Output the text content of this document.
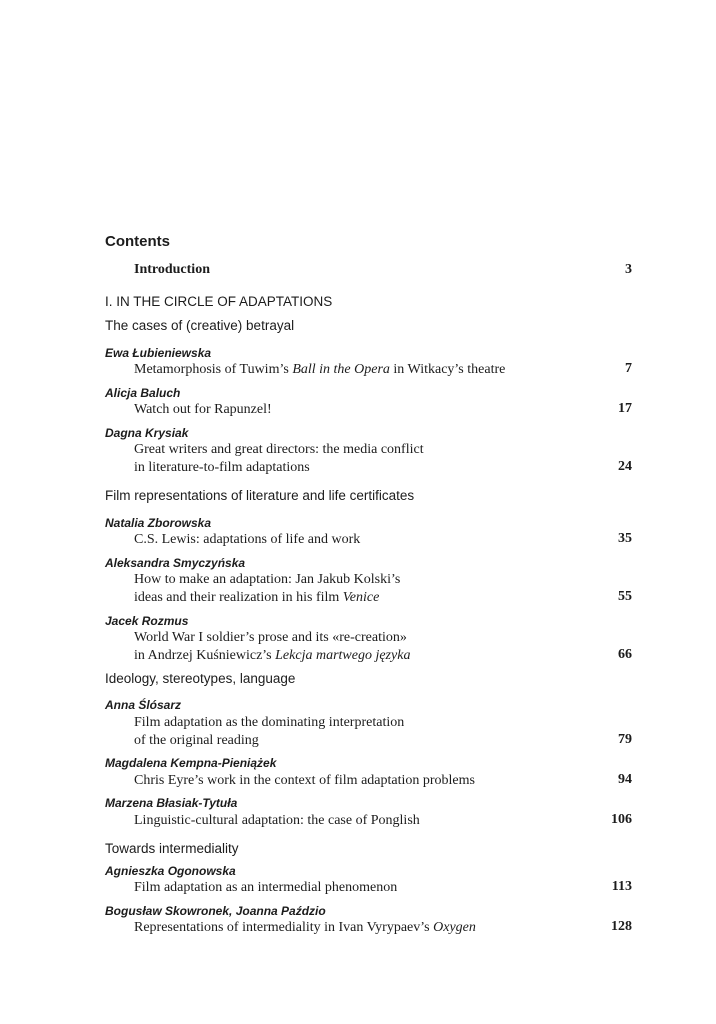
Contents
Introduction	3
I. IN THE CIRCLE OF ADAPTATIONS
The cases of (creative) betrayal
Ewa Łubieniewska
Metamorphosis of Tuwim’s Ball in the Opera in Witkacy’s theatre	7
Alicja Baluch
Watch out for Rapunzel!	17
Dagna Krysiak
Great writers and great directors: the media conflict
in literature-to-film adaptations	24
Film representations of literature and life certificates
Natalia Zborowska
C.S. Lewis: adaptations of life and work	35
Aleksandra Smyczyńska
How to make an adaptation: Jan Jakub Kolski’s
ideas and their realization in his film Venice	55
Jacek Rozmus
World War I soldier’s prose and its «re-creation»
in Andrzej Kuśniewicz’s Lekcja martwego języka	66
Ideology, stereotypes, language
Anna Ślósarz
Film adaptation as the dominating interpretation
of the original reading	79
Magdalena Kempna-Pieniążek
Chris Eyre’s work in the context of film adaptation problems	94
Marzena Błasiak-Tytuła
Linguistic-cultural adaptation: the case of Ponglish	106
Towards intermediality
Agnieszka Ogonowska
Film adaptation as an intermedial phenomenon	113
Bogusław Skowronek, Joanna Paździo
Representations of intermediality in Ivan Vyrypaev’s Oxygen	128
